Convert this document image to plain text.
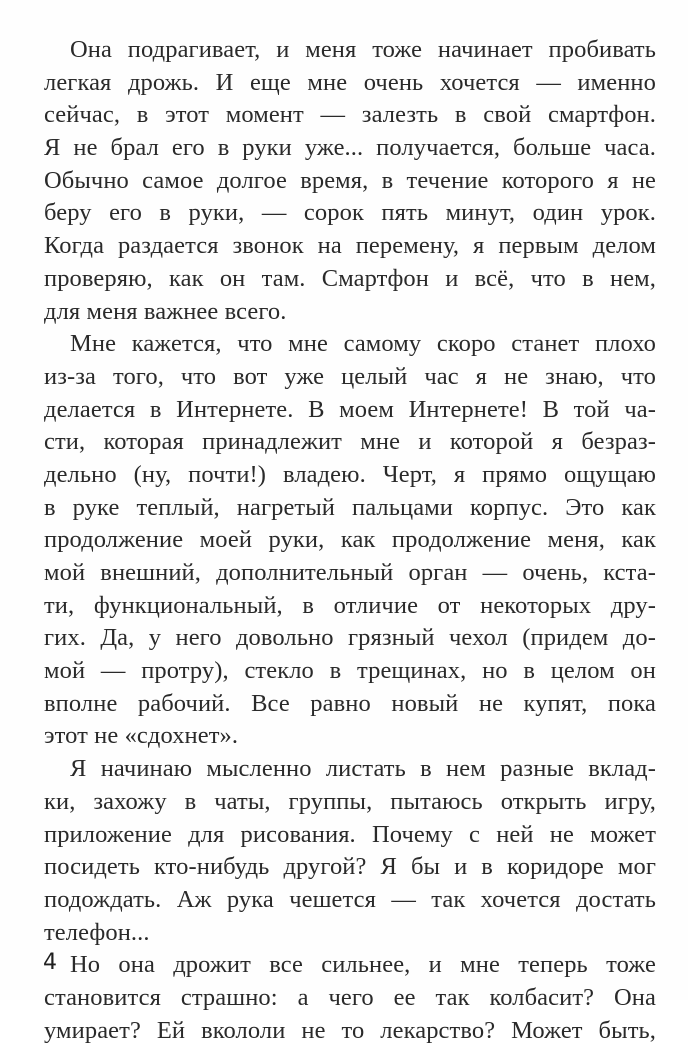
Она подрагивает, и меня тоже начинает пробивать
легкая дрожь. И еще мне очень хочется — именно
сейчас, в этот момент — залезть в свой смартфон.
Я не брал его в руки уже... получается, больше часа.
Обычно самое долгое время, в течение которого я не
беру его в руки, — сорок пять минут, один урок.
Когда раздается звонок на перемену, я первым делом
проверяю, как он там. Смартфон и всё, что в нем,
для меня важнее всего.
Мне кажется, что мне самому скоро станет плохо
из-за того, что вот уже целый час я не знаю, что
делается в Интернете. В моем Интернете! В той ча-
сти, которая принадлежит мне и которой я безраз-
дельно (ну, почти!) владею. Черт, я прямо ощущаю
в руке теплый, нагретый пальцами корпус. Это как
продолжение моей руки, как продолжение меня, как
мой внешний, дополнительный орган — очень, кста-
ти, функциональный, в отличие от некоторых дру-
гих. Да, у него довольно грязный чехол (придем до-
мой — протру), стекло в трещинах, но в целом он
вполне рабочий. Все равно новый не купят, пока
этот не «сдохнет».
Я начинаю мысленно листать в нем разные вклад-
ки, захожу в чаты, группы, пытаюсь открыть игру,
приложение для рисования. Почему с ней не может
посидеть кто-нибудь другой? Я бы и в коридоре мог
подождать. Аж рука чешется — так хочется достать
телефон...
Но она дрожит все сильнее, и мне теперь тоже
становится страшно: а чего ее так колбасит? Она
умирает? Ей вкололи не то лекарство? Может быть,
4
